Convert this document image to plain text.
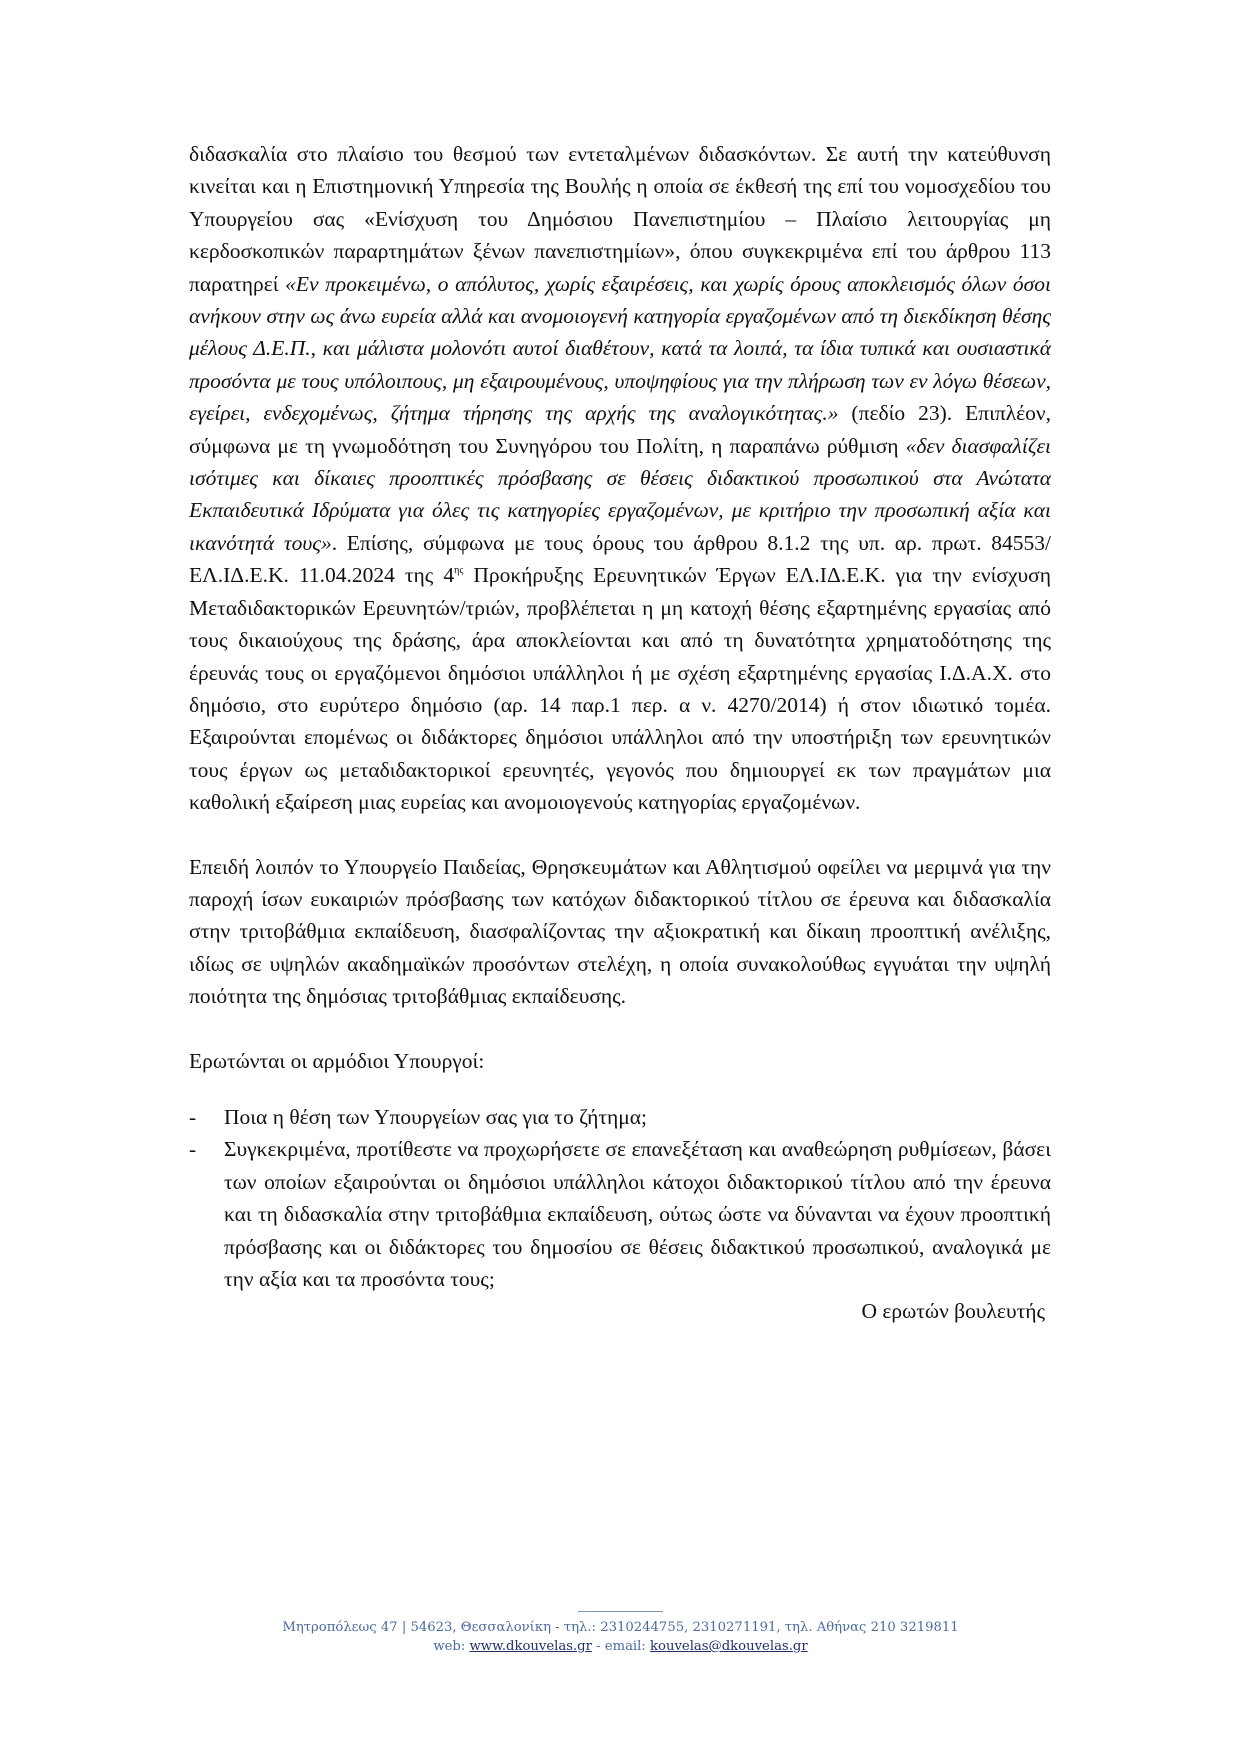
διδασκαλία στο πλαίσιο του θεσμού των εντεταλμένων διδασκόντων. Σε αυτή την κατεύθυνση κινείται και η Επιστημονική Υπηρεσία της Βουλής η οποία σε έκθεσή της επί του νομοσχεδίου του Υπουργείου σας «Ενίσχυση του Δημόσιου Πανεπιστημίου – Πλαίσιο λειτουργίας μη κερδοσκοπικών παραρτημάτων ξένων πανεπιστημίων», όπου συγκεκριμένα επί του άρθρου 113 παρατηρεί «Εν προκειμένω, ο απόλυτος, χωρίς εξαιρέσεις, και χωρίς όρους αποκλεισμός όλων όσοι ανήκουν στην ως άνω ευρεία αλλά και ανομοιογενή κατηγορία εργαζομένων από τη διεκδίκηση θέσης μέλους Δ.Ε.Π., και μάλιστα μολονότι αυτοί διαθέτουν, κατά τα λοιπά, τα ίδια τυπικά και ουσιαστικά προσόντα με τους υπόλοιπους, μη εξαιρουμένους, υποψηφίους για την πλήρωση των εν λόγω θέσεων, εγείρει, ενδεχομένως, ζήτημα τήρησης της αρχής της αναλογικότητας.» (πεδίο 23). Επιπλέον, σύμφωνα με τη γνωμοδότηση του Συνηγόρου του Πολίτη, η παραπάνω ρύθμιση «δεν διασφαλίζει ισότιμες και δίκαιες προοπτικές πρόσβασης σε θέσεις διδακτικού προσωπικού στα Ανώτατα Εκπαιδευτικά Ιδρύματα για όλες τις κατηγορίες εργαζομένων, με κριτήριο την προσωπική αξία και ικανότητά τους». Επίσης, σύμφωνα με τους όρους του άρθρου 8.1.2 της υπ. αρ. πρωτ. 84553/ΕΛ.ΙΔ.Ε.Κ. 11.04.2024 της $4^{\eta\varsigma}$ Προκήρυξης Ερευνητικών Έργων ΕΛ.ΙΔ.Ε.Κ. για την ενίσχυση Μεταδιδακτορικών Ερευνητών/τριών, προβλέπεται η μη κατοχή θέσης εξαρτημένης εργασίας από τους δικαιούχους της δράσης, άρα αποκλείονται και από τη δυνατότητα χρηματοδότησης της έρευνάς τους οι εργαζόμενοι δημόσιοι υπάλληλοι ή με σχέση εξαρτημένης εργασίας Ι.Δ.Α.Χ. στο δημόσιο, στο ευρύτερο δημόσιο (αρ. 14 παρ.1 περ. α ν. 4270/2014) ή στον ιδιωτικό τομέα. Εξαιρούνται επομένως οι διδάκτορες δημόσιοι υπάλληλοι από την υποστήριξη των ερευνητικών τους έργων ως μεταδιδακτορικοί ερευνητές, γεγονός που δημιουργεί εκ των πραγμάτων μια καθολική εξαίρεση μιας ευρείας και ανομοιογενούς κατηγορίας εργαζομένων.

Επειδή λοιπόν το Υπουργείο Παιδείας, Θρησκευμάτων και Αθλητισμού οφείλει να μεριμνά για την παροχή ίσων ευκαιριών πρόσβασης των κατόχων διδακτορικού τίτλου σε έρευνα και διδασκαλία στην τριτοβάθμια εκπαίδευση, διασφαλίζοντας την αξιοκρατική και δίκαιη προοπτική ανέλιξης, ιδίως σε υψηλών ακαδημαϊκών προσόντων στελέχη, η οποία συνακολούθως εγγυάται την υψηλή ποιότητα της δημόσιας τριτοβάθμιας εκπαίδευσης.

Ερωτώνται οι αρμόδιοι Υπουργοί:

- Ποια η θέση των Υπουργείων σας για το ζήτημα;
- Συγκεκριμένα, προτίθεστε να προχωρήσετε σε επανεξέταση και αναθεώρηση ρυθμίσεων, βάσει των οποίων εξαιρούνται οι δημόσιοι υπάλληλοι κάτοχοι διδακτορικού τίτλου από την έρευνα και τη διδασκαλία στην τριτοβάθμια εκπαίδευση, ούτως ώστε να δύνανται να έχουν προοπτική πρόσβασης και οι διδάκτορες του δημοσίου σε θέσεις διδακτικού προσωπικού, αναλογικά με την αξία και τα προσόντα τους;

Ο ερωτών βουλευτής

Μητροπόλεως 47 | 54623, Θεσσαλονίκη - τηλ.: 2310244755, 2310271191, τηλ. Αθήνας 210 3219811
web: www.dkouvelas.gr - email: kouvelas@dkouvelas.gr
